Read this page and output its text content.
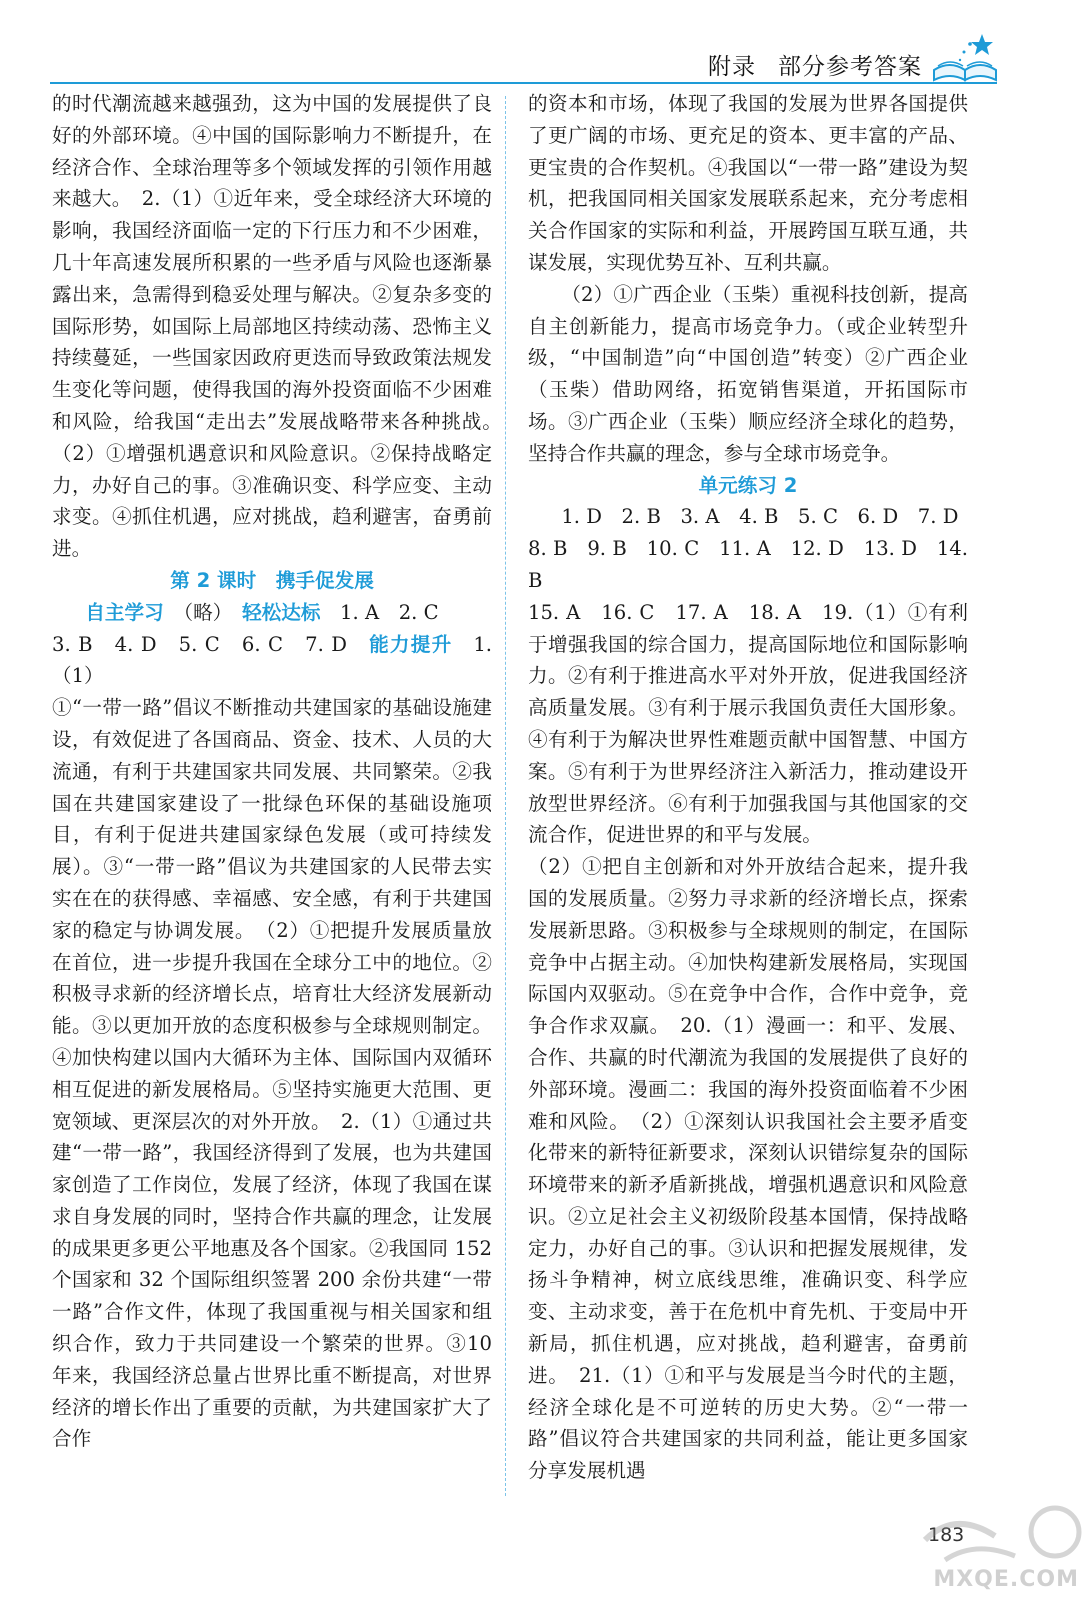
附录 部分参考答案

的时代潮流越来越强劲，这为中国的发展提供了良好的外部环境。④中国的国际影响力不断提升，在经济合作、全球治理等多个领域发挥的引领作用越来越大。　2.（1）①近年来，受全球经济大环境的影响，我国经济面临一定的下行压力和不少困难，几十年高速发展所积累的一些矛盾与风险也逐渐暴露出来，急需得到稳妥处理与解决。②复杂多变的国际形势，如国际上局部地区持续动荡、恐怖主义持续蔓延，一些国家因政府更迭而导致政策法规发生变化等问题，使得我国的海外投资面临不少困难和风险，给我国“走出去”发展战略带来各种挑战。　（2）①增强机遇意识和风险意识。②保持战略定力，办好自己的事。③准确识变、科学应变、主动求变。④抓住机遇，应对挑战，趋利避害，奋勇前进。

第 2 课时　携手促发展

自主学习　 （略）　 轻松达标　 1. A　2. C

3. B　4. D　5. C　6. C　7. D　 能力提升　 1.（1）

①“一带一路”倡议不断推动共建国家的基础设施建设，有效促进了各国商品、资金、技术、人员的大流通，有利于共建国家共同发展、共同繁荣。②我国在共建国家建设了一批绿色环保的基础设施项目，有利于促进共建国家绿色发展（或可持续发展）。③“一带一路”倡议为共建国家的人民带去实实在在的获得感、幸福感、安全感，有利于共建国家的稳定与协调发展。　（2）①把提升发展质量放在首位，进一步提升我国在全球分工中的地位。②积极寻求新的经济增长点，培育壮大经济发展新动能。③以更加开放的态度积极参与全球规则制定。④加快构建以国内大循环为主体、国际国内双循环相互促进的新发展格局。⑤坚持实施更大范围、更宽领域、更深层次的对外开放。　2.（1）①通过共建“一带一路”，我国经济得到了发展，也为共建国家创造了工作岗位，发展了经济，体现了我国在谋求自身发展的同时，坚持合作共赢的理念，让发展的成果更多更公平地惠及各个国家。②我国同 152 个国家和 32 个国际组织签署 200 余份共建“一带一路”合作文件，体现了我国重视与相关国家和组织合作，致力于共同建设一个繁荣的世界。③10 年来，我国经济总量占世界比重不断提高，对世界经济的增长作出了重要的贡献，为共建国家扩大了合作

的资本和市场，体现了我国的发展为世界各国提供了更广阔的市场、更充足的资本、更丰富的产品、更宝贵的合作契机。④我国以“一带一路”建设为契机，把我国同相关国家发展联系起来，充分考虑相关合作国家的实际和利益，开展跨国互联互通，共谋发展，实现优势互补、互利共赢。

（2）①广西企业（玉柴）重视科技创新，提高自主创新能力，提高市场竞争力。（或企业转型升级，“中国制造”向“中国创造”转变）②广西企业（玉柴）借助网络，拓宽销售渠道，开拓国际市场。③广西企业（玉柴）顺应经济全球化的趋势，坚持合作共赢的理念，参与全球市场竞争。

单元练习 2

1. D　2. B　3. A　4. B　5. C　6. D　7. D

8. B　9. B　10. C　11. A　12. D　13. D　14. B

15. A　16. C　17. A　18. A　19.（1）①有利于增强我国的综合国力，提高国际地位和国际影响力。②有利于推进高水平对外开放，促进我国经济高质量发展。③有利于展示我国负责任大国形象。④有利于为解决世界性难题贡献中国智慧、中国方案。⑤有利于为世界经济注入新活力，推动建设开放型世界经济。⑥有利于加强我国与其他国家的交流合作，促进世界的和平与发展。

（2）①把自主创新和对外开放结合起来，提升我国的发展质量。②努力寻求新的经济增长点，探索发展新思路。③积极参与全球规则的制定，在国际竞争中占据主动。④加快构建新发展格局，实现国际国内双驱动。⑤在竞争中合作，合作中竞争，竞争合作求双赢。　20.（1）漫画一：和平、发展、合作、共赢的时代潮流为我国的发展提供了良好的外部环境。漫画二：我国的海外投资面临着不少困难和风险。　（2）①深刻认识我国社会主要矛盾变化带来的新特征新要求，深刻认识错综复杂的国际环境带来的新矛盾新挑战，增强机遇意识和风险意识。②立足社会主义初级阶段基本国情，保持战略定力，办好自己的事。③认识和把握发展规律，发扬斗争精神，树立底线思维，准确识变、科学应变、主动求变，善于在危机中育先机、于变局中开新局，抓住机遇，应对挑战，趋利避害，奋勇前进。　21.（1）①和平与发展是当今时代的主题，经济全球化是不可逆转的历史大势。②“一带一路”倡议符合共建国家的共同利益，能让更多国家分享发展机遇

183
MXQE.COM
